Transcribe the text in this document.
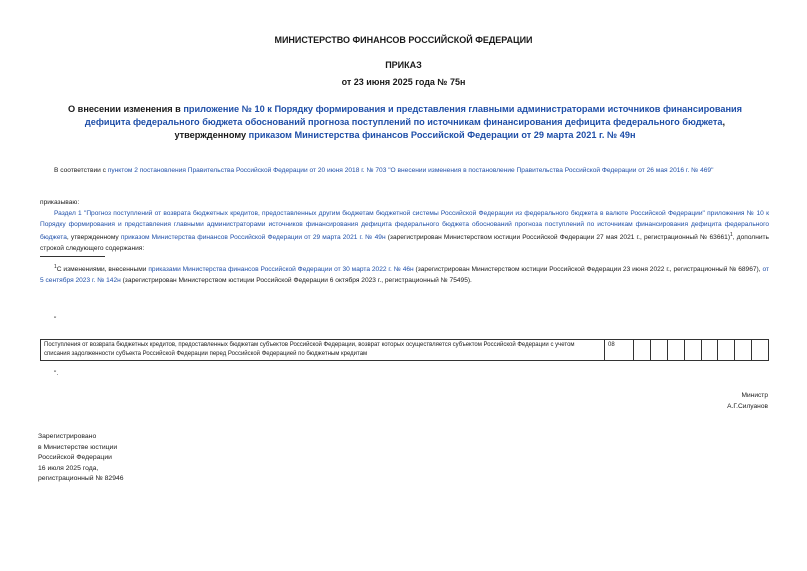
МИНИСТЕРСТВО ФИНАНСОВ РОССИЙСКОЙ ФЕДЕРАЦИИ
ПРИКАЗ
от 23 июня 2025 года № 75н
О внесении изменения в приложение № 10 к Порядку формирования и представления главными администраторами источников финансирования дефицита федерального бюджета обоснований прогноза поступлений по источникам финансирования дефицита федерального бюджета, утвержденному приказом Министерства финансов Российской Федерации от 29 марта 2021 г. № 49н
В соответствии с пунктом 2 постановления Правительства Российской Федерации от 20 июня 2018 г. № 703 "О внесении изменения в постановление Правительства Российской Федерации от 26 мая 2016 г. № 469"
приказываю:
Раздел 1 "Прогноз поступлений от возврата бюджетных кредитов, предоставленных другим бюджетам бюджетной системы Российской Федерации из федерального бюджета в валюте Российской Федерации" приложения № 10 к Порядку формирования и представления главными администраторами источников финансирования дефицита федерального бюджета обоснований прогноза поступлений по источникам финансирования дефицита федерального бюджета, утвержденному приказом Министерства финансов Российской Федерации от 29 марта 2021 г. № 49н (зарегистрирован Министерством юстиции Российской Федерации 27 мая 2021 г., регистрационный № 63661)$^1$, дополнить строкой следующего содержания:
$^1$С изменениями, внесенными приказами Министерства финансов Российской Федерации от 30 марта 2022 г. № 46н (зарегистрирован Министерством юстиции Российской Федерации 23 июня 2022 г., регистрационный № 68967), от 5 сентября 2023 г. № 142н (зарегистрирован Министерством юстиции Российской Федерации 6 октября 2023 г., регистрационный № 75495).
"
Поступления от возврата бюджетных кредитов, предоставленных бюджетам субъектов Российской Федерации, возврат которых осуществляется субъектом Российской Федерации с учетом списания задолженности субъекта Российской Федерации перед Российской Федерацией по бюджетным кредитам	08								
".
Министр
А.Г.Силуанов
Зарегистрировано
в Министерстве юстиции
Российской Федерации
16 июля 2025 года,
регистрационный № 82946
